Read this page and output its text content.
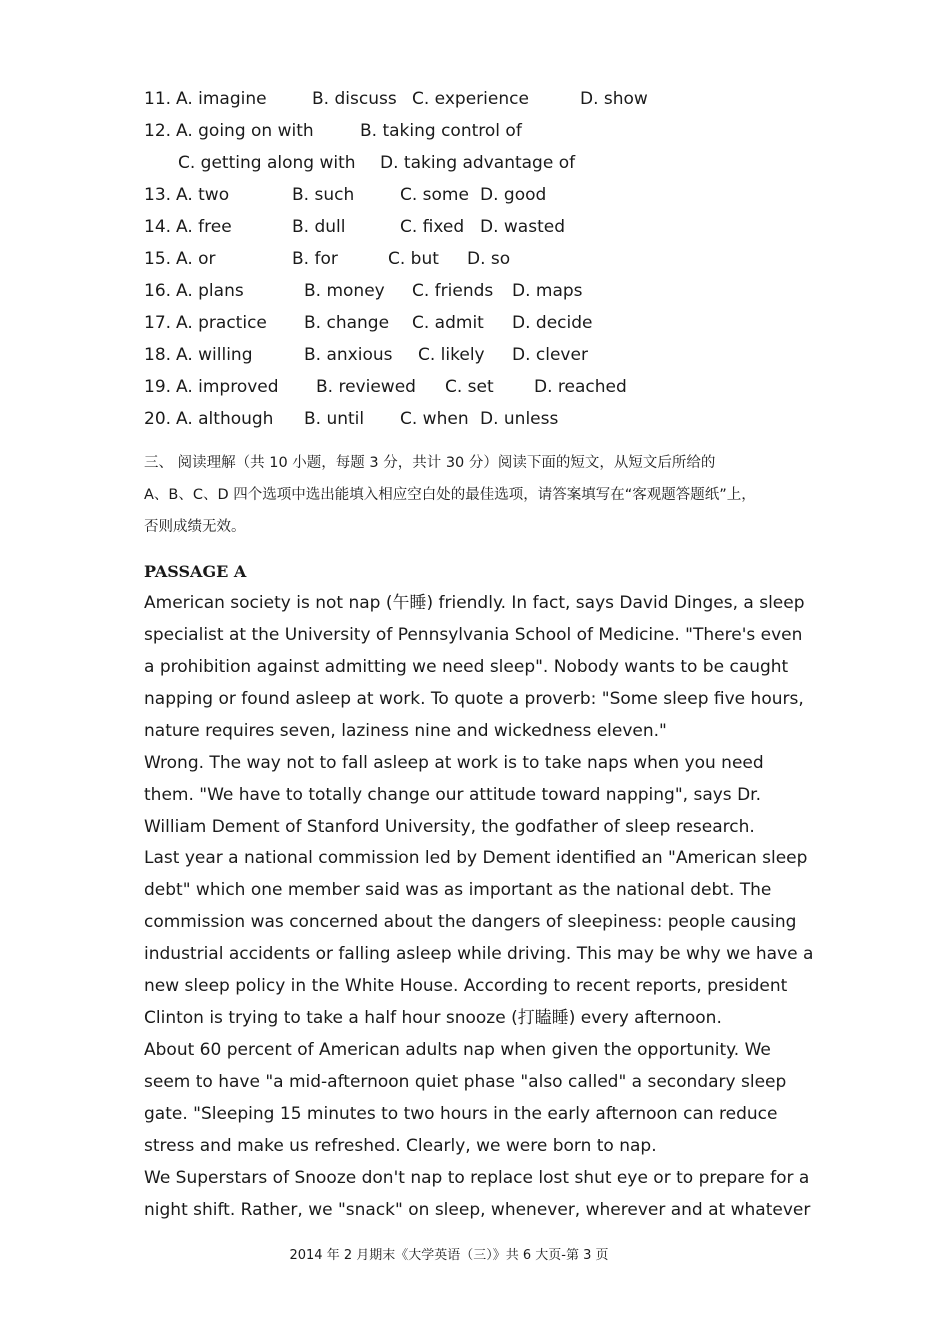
11. A. imagine	B. discuss C. experience	D. show
12. A. going on with	B. taking control of
C. getting along with D. taking advantage of
13. A. two	B. such	C. some D. good
14. A. free	B. dull	C. fixed D. wasted
15. A. or	B. for	C. but D. so
16. A. plans	B. money C. friends D. maps
17. A. practice B. change C. admit D. decide
18. A. willing	B. anxious C. likely D. clever
19. A. improved B. reviewed C. set D. reached
20. A. although B. until C. when D. unless
三、 阅读理解（共 10 小题，每题 3 分，共计 30 分）阅读下面的短文，从短文后所给的
A、B、C、D 四个选项中选出能填入相应空白处的最佳选项，请答案填写在“客观题答题纸”上，
否则成绩无效。
PASSAGE A
American society is not nap (午睡) friendly. In fact, says David Dinges, a sleep
specialist at the University of Pennsylvania School of Medicine. "There's even
a prohibition against admitting we need sleep". Nobody wants to be caught
napping or found asleep at work. To quote a proverb: "Some sleep five hours,
nature requires seven, laziness nine and wickedness eleven."
Wrong. The way not to fall asleep at work is to take naps when you need
them. "We have to totally change our attitude toward napping", says Dr.
William Dement of Stanford University, the godfather of sleep research.
Last year a national commission led by Dement identified an "American sleep
debt" which one member said was as important as the national debt. The
commission was concerned about the dangers of sleepiness: people causing
industrial accidents or falling asleep while driving. This may be why we have a
new sleep policy in the White House. According to recent reports, president
Clinton is trying to take a half hour snooze (打瞌睡) every afternoon.
About 60 percent of American adults nap when given the opportunity. We
seem to have "a mid-afternoon quiet phase "also called" a secondary sleep
gate. "Sleeping 15 minutes to two hours in the early afternoon can reduce
stress and make us refreshed. Clearly, we were born to nap.
We Superstars of Snooze don't nap to replace lost shut eye or to prepare for a
night shift. Rather, we "snack" on sleep, whenever, wherever and at whatever
2014 年 2 月期末《大学英语（三）》共 6 大页-第 3 页
